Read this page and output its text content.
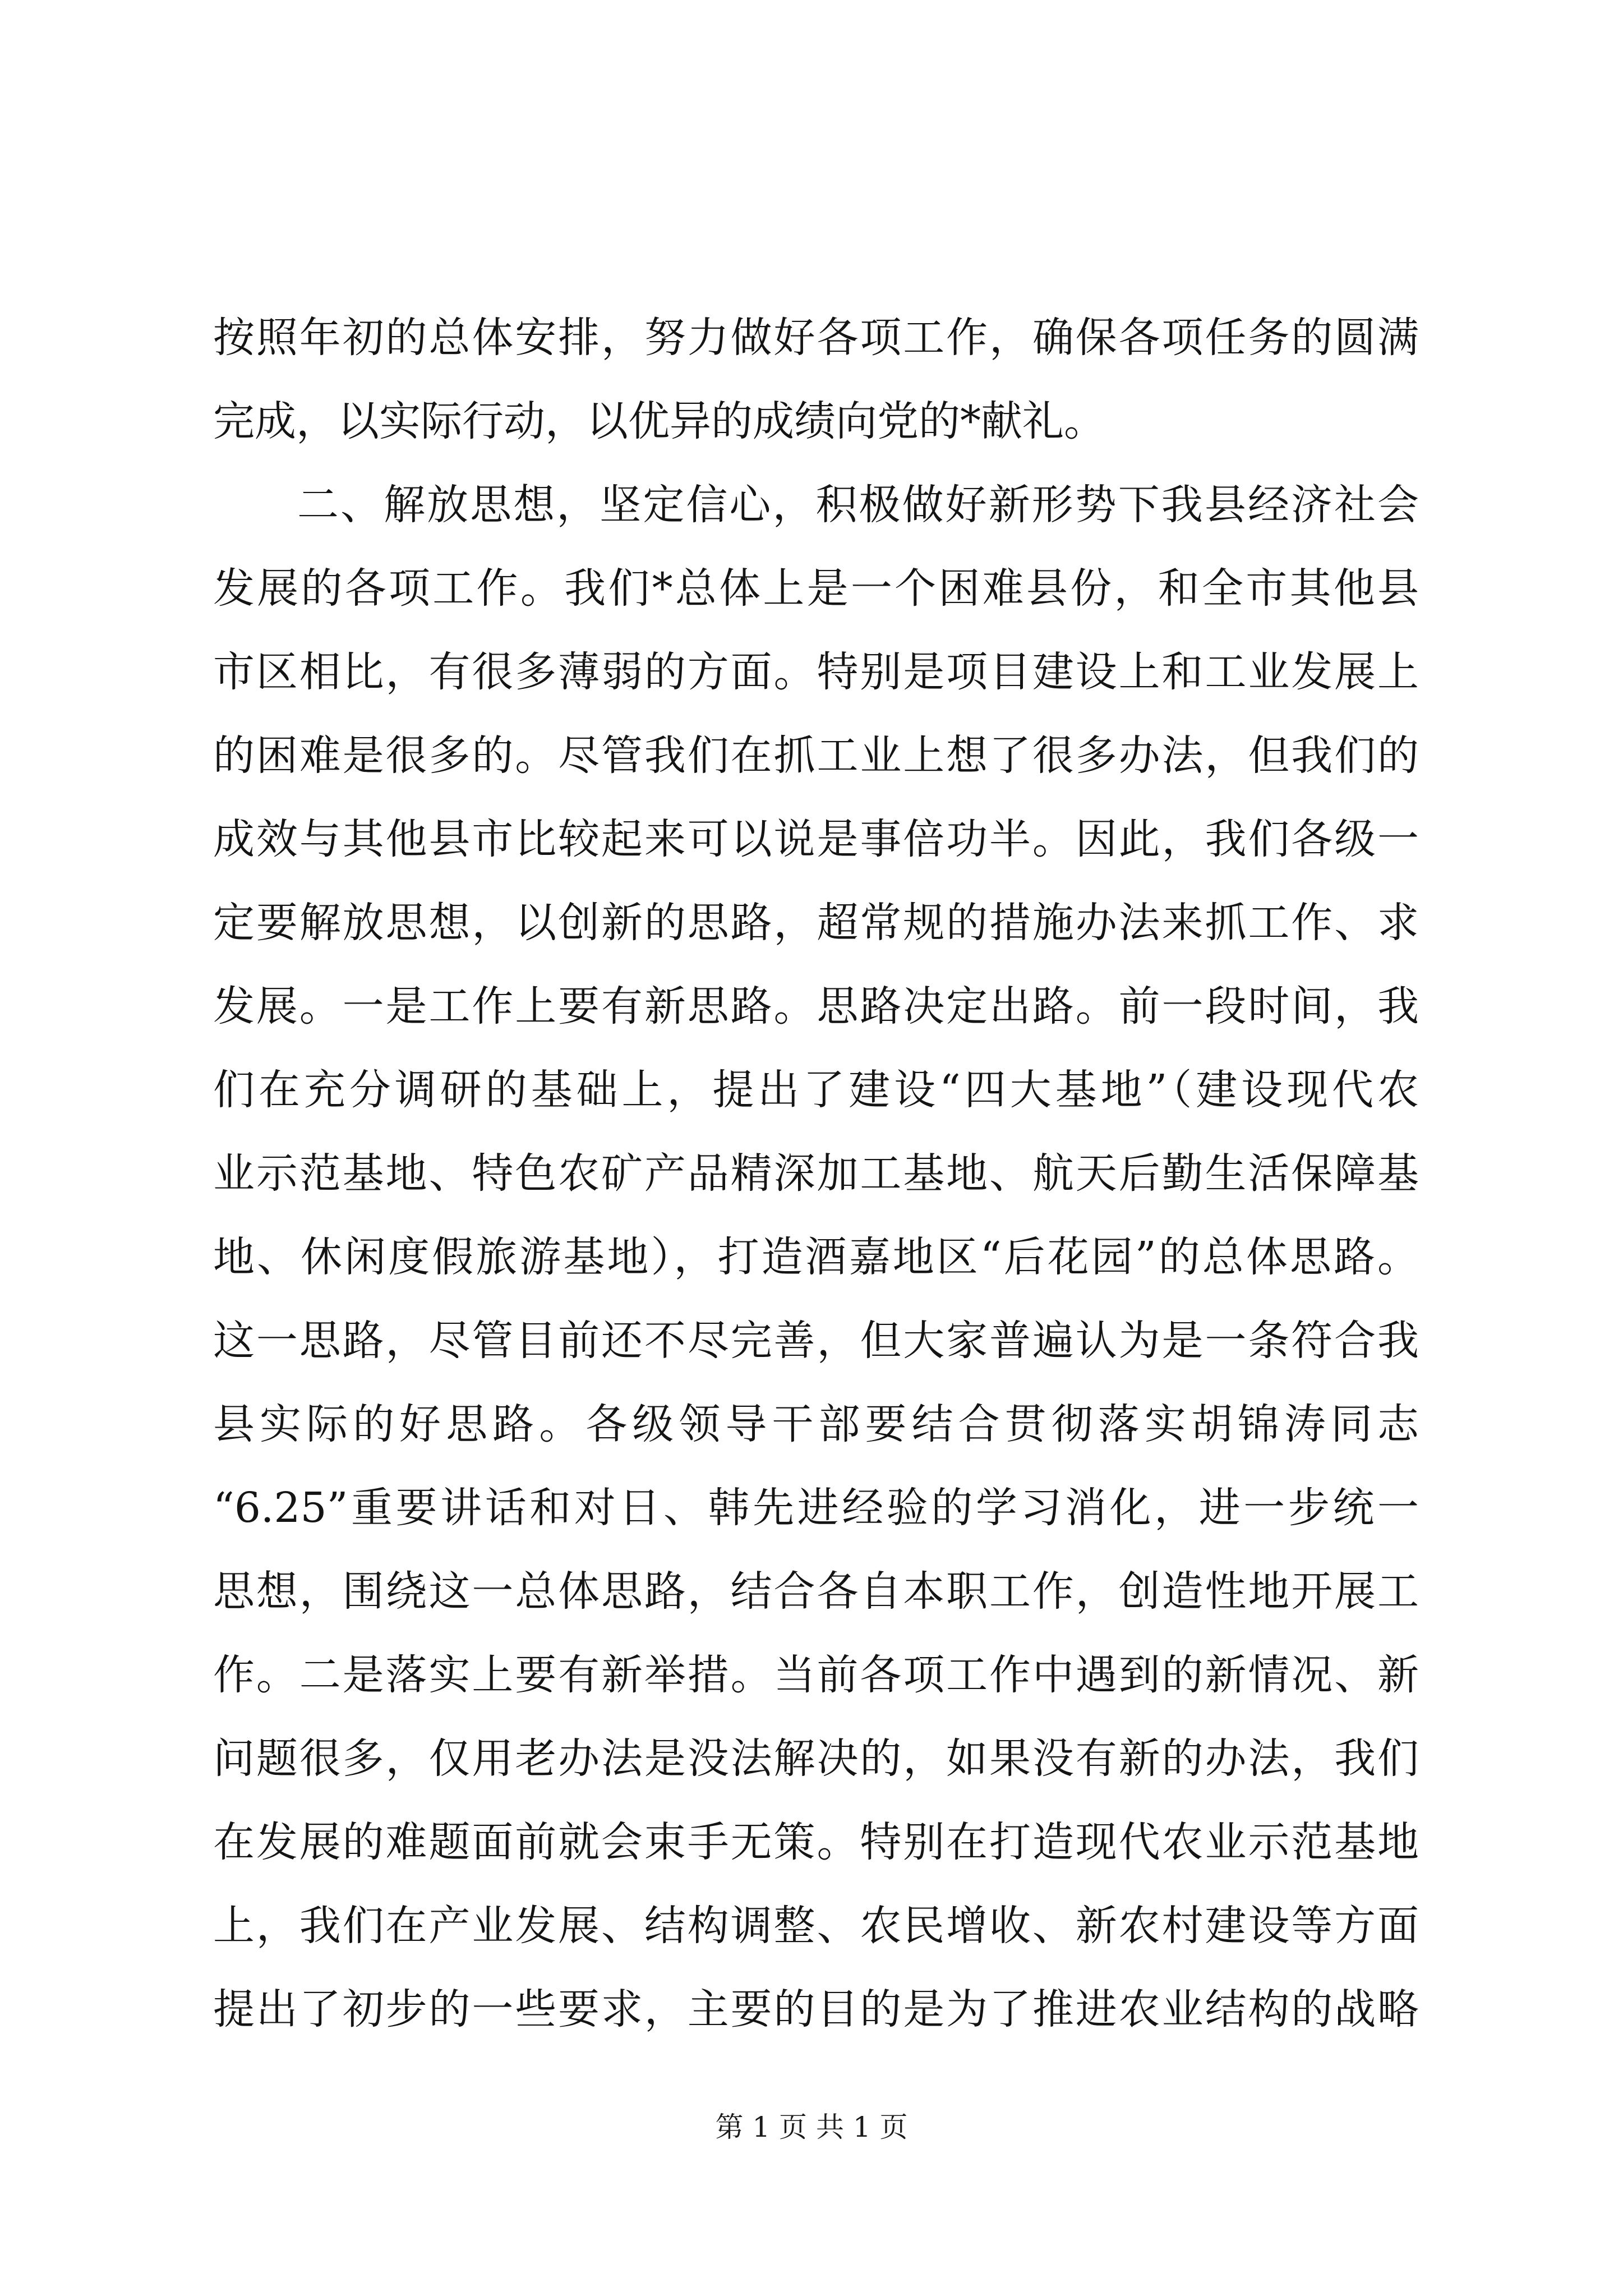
按照年初的总体安排，努力做好各项工作，确保各项任务的圆满
完成，以实际行动，以优异的成绩向党的*献礼。
二、解放思想，坚定信心，积极做好新形势下我县经济社会
发展的各项工作。我们*总体上是一个困难县份，和全市其他县
市区相比，有很多薄弱的方面。特别是项目建设上和工业发展上
的困难是很多的。尽管我们在抓工业上想了很多办法，但我们的
成效与其他县市比较起来可以说是事倍功半。因此，我们各级一
定要解放思想，以创新的思路，超常规的措施办法来抓工作、求
发展。一是工作上要有新思路。思路决定出路。前一段时间，我
们在充分调研的基础上，提出了建设“四大基地”（建设现代农
业示范基地、特色农矿产品精深加工基地、航天后勤生活保障基
地、休闲度假旅游基地），打造酒嘉地区“后花园”的总体思路。
这一思路，尽管目前还不尽完善，但大家普遍认为是一条符合我
县实际的好思路。各级领导干部要结合贯彻落实胡锦涛同志
“6.25”重要讲话和对日、韩先进经验的学习消化，进一步统一
思想，围绕这一总体思路，结合各自本职工作，创造性地开展工
作。二是落实上要有新举措。当前各项工作中遇到的新情况、新
问题很多，仅用老办法是没法解决的，如果没有新的办法，我们
在发展的难题面前就会束手无策。特别在打造现代农业示范基地
上，我们在产业发展、结构调整、农民增收、新农村建设等方面
提出了初步的一些要求，主要的目的是为了推进农业结构的战略
第 1 页 共 1 页
